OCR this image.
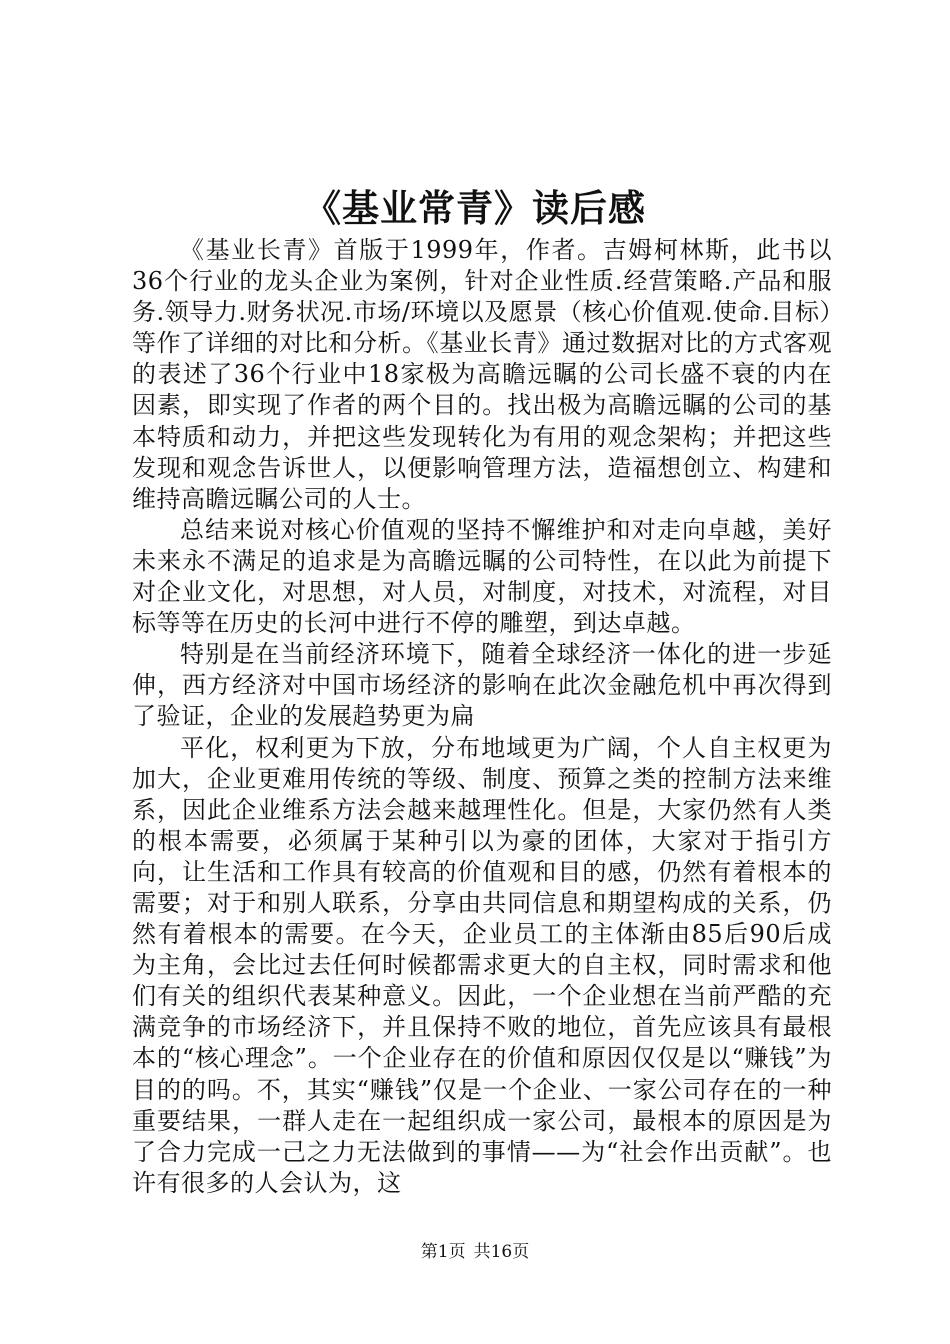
《基业常青》读后感

《基业长青》首版于1999年，作者。吉姆柯林斯，此书以36个行业的龙头企业为案例，针对企业性质.经营策略.产品和服务.领导力.财务状况.市场/环境以及愿景（核心价值观.使命.目标）等作了详细的对比和分析。《基业长青》通过数据对比的方式客观的表述了36个行业中18家极为高瞻远瞩的公司长盛不衰的内在因素，即实现了作者的两个目的。找出极为高瞻远瞩的公司的基本特质和动力，并把这些发现转化为有用的观念架构；并把这些发现和观念告诉世人，以便影响管理方法，造福想创立、构建和维持高瞻远瞩公司的人士。

总结来说对核心价值观的坚持不懈维护和对走向卓越，美好未来永不满足的追求是为高瞻远瞩的公司特性，在以此为前提下对企业文化，对思想，对人员，对制度，对技术，对流程，对目标等等在历史的长河中进行不停的雕塑，到达卓越。

特别是在当前经济环境下，随着全球经济一体化的进一步延伸，西方经济对中国市场经济的影响在此次金融危机中再次得到了验证，企业的发展趋势更为扁

平化，权利更为下放，分布地域更为广阔，个人自主权更为加大，企业更难用传统的等级、制度、预算之类的控制方法来维系，因此企业维系方法会越来越理性化。但是，大家仍然有人类的根本需要，必须属于某种引以为豪的团体，大家对于指引方向，让生活和工作具有较高的价值观和目的感，仍然有着根本的需要；对于和别人联系，分享由共同信息和期望构成的关系，仍然有着根本的需要。在今天，企业员工的主体渐由85后90后成为主角，会比过去任何时候都需求更大的自主权，同时需求和他们有关的组织代表某种意义。因此，一个企业想在当前严酷的充满竞争的市场经济下，并且保持不败的地位，首先应该具有最根本的“核心理念”。一个企业存在的价值和原因仅仅是以“赚钱”为目的的吗。不，其实“赚钱”仅是一个企业、一家公司存在的一种重要结果，一群人走在一起组织成一家公司，最根本的原因是为了合力完成一己之力无法做到的事情——为“社会作出贡献”。也许有很多的人会认为，这

第1页 共16页
